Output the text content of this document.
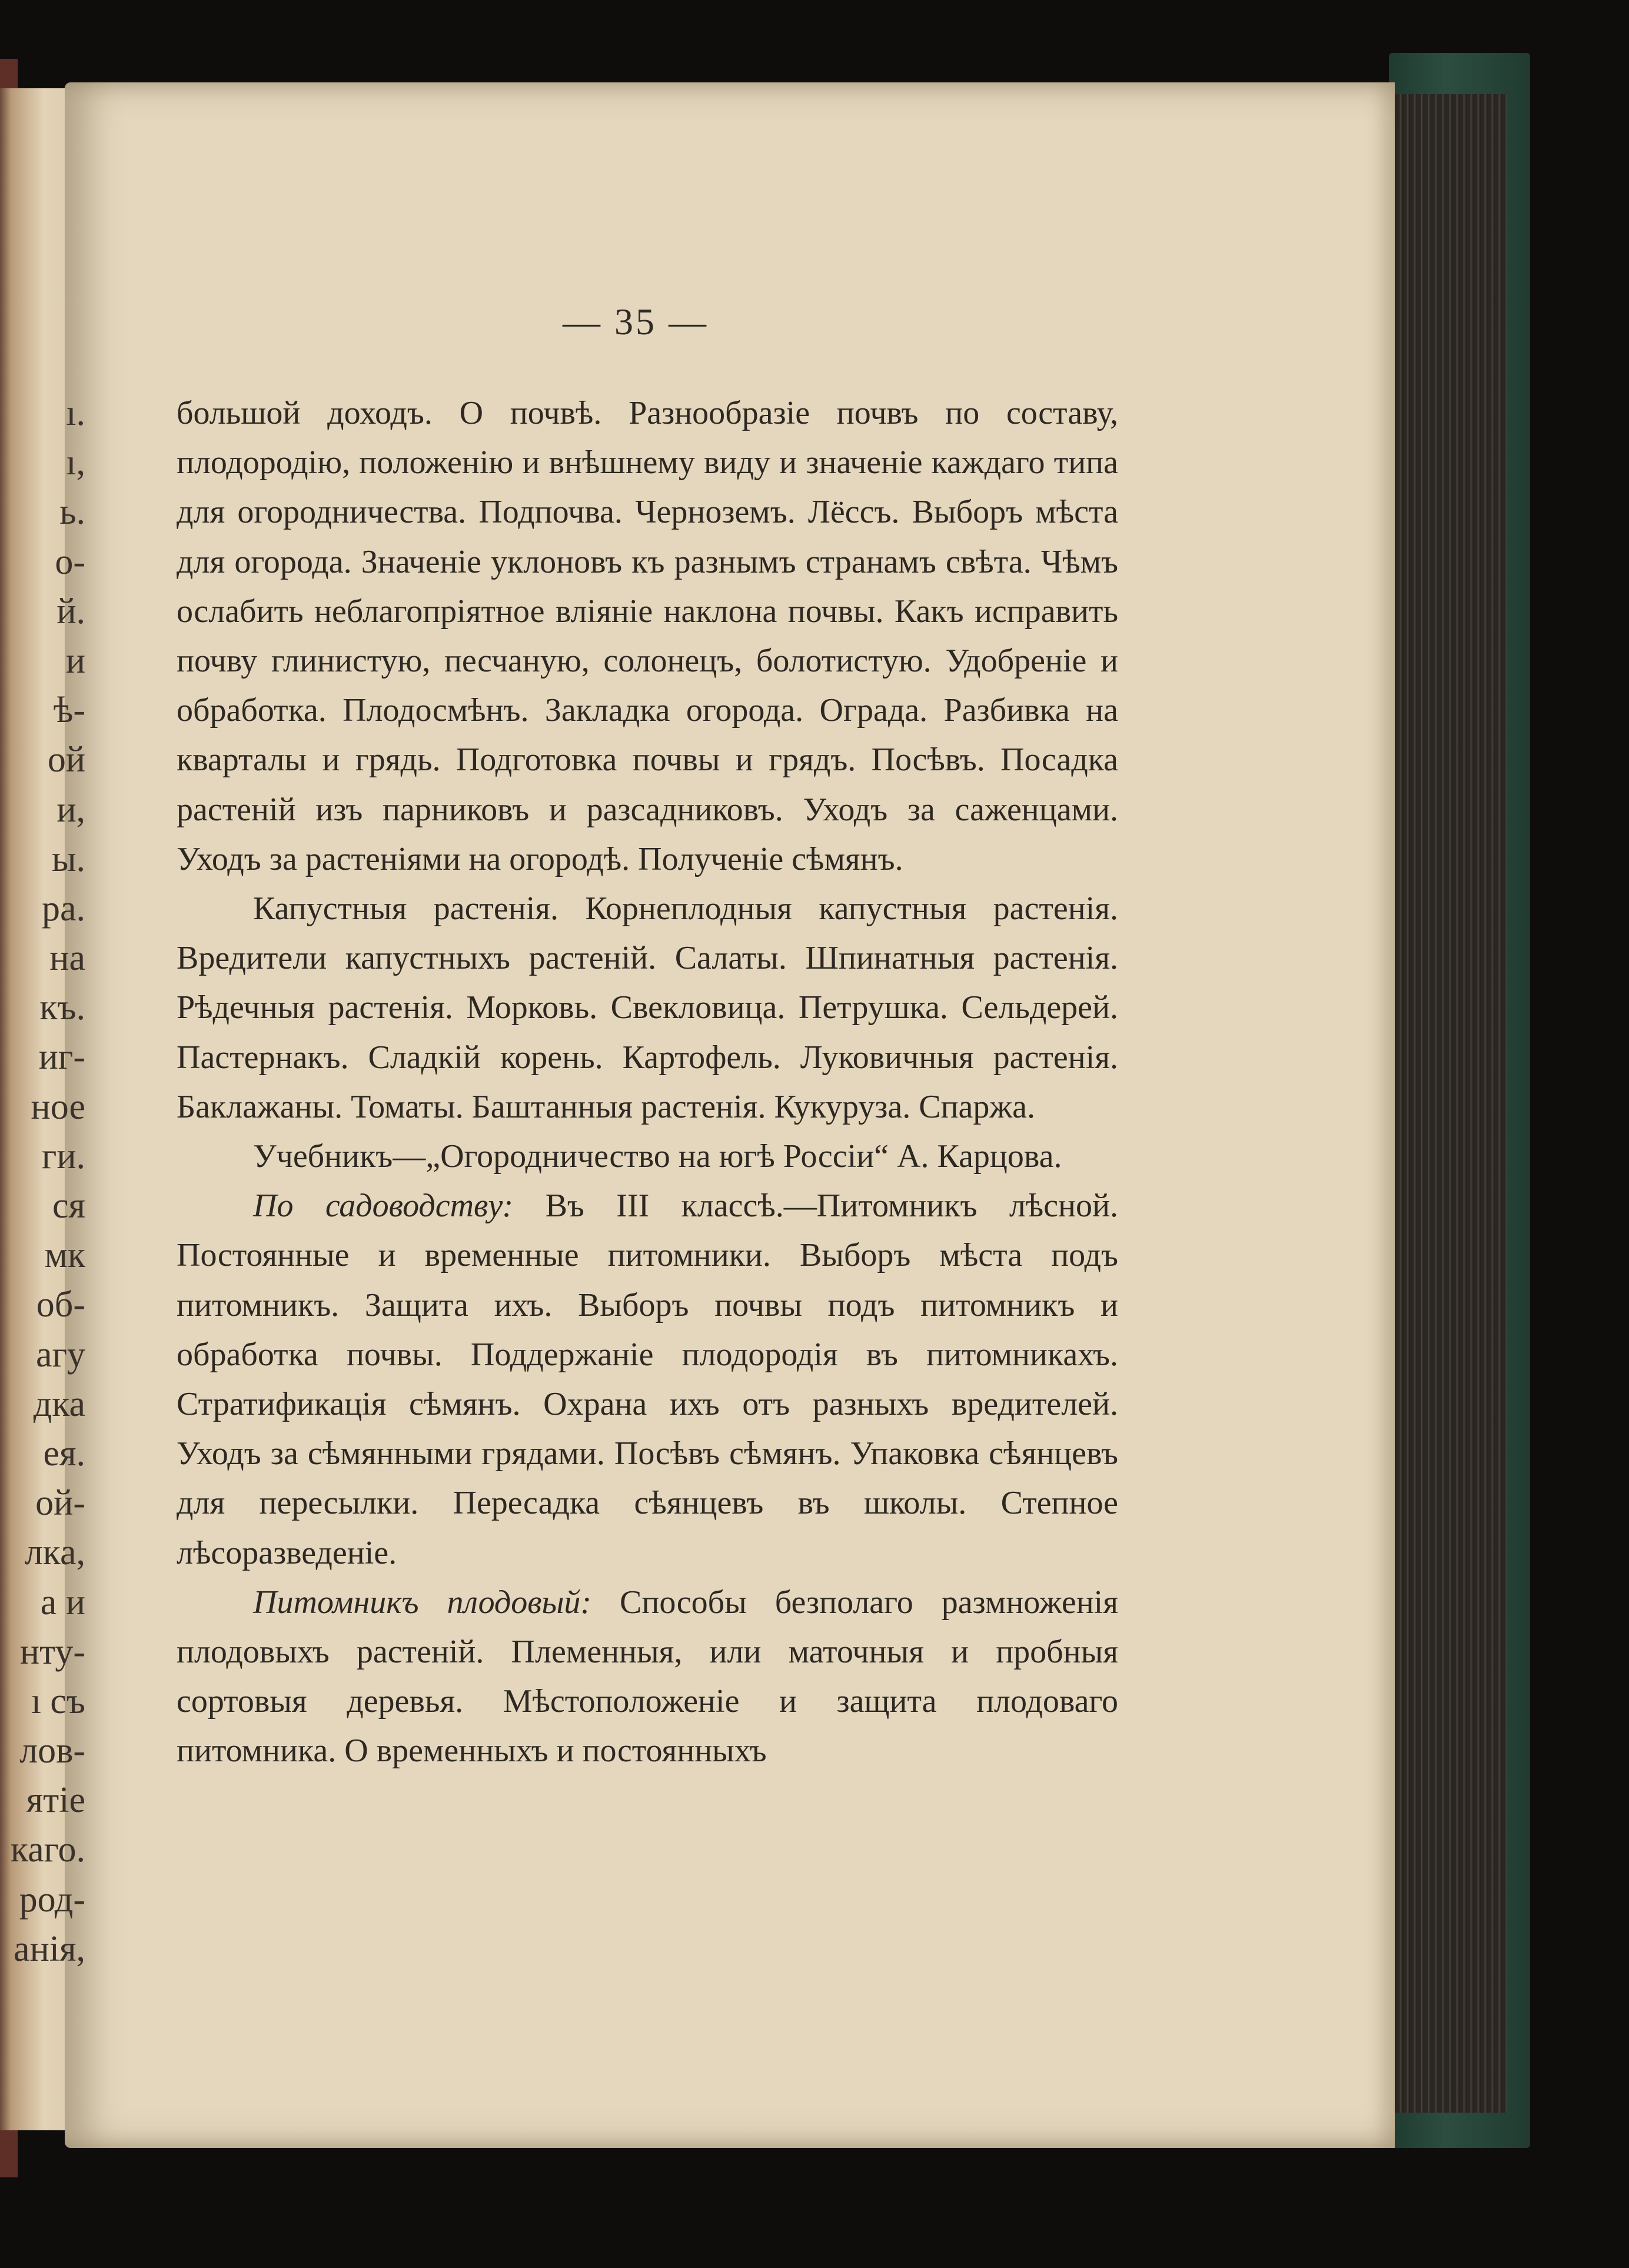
ı.
ı,
ь.
о-
й.
и
ѣ-
ой
и,
ы.
ра.
на
къ.
иг-
ное
ги.
ся
мк
об-
агу
дка
ея.
ой-
лка,
а и
нту-
ı съ
лов-
ятіе
каго.
род-
анія,
— 35 —

большой доходъ. О почвѣ. Разнообразіе почвъ по составу, плодородію, положенію и внѣшнему виду и значеніе каждаго типа для огородничества. Подпочва. Черноземъ. Лёссъ. Выборъ мѣста для огорода. Значеніе уклоновъ къ разнымъ странамъ свѣта. Чѣмъ ослабить неблагопріятное вліяніе наклона почвы. Какъ исправить почву глинистую, песчаную, солонецъ, болотистую. Удобреніе и обработка. Плодосмѣнъ. Закладка огорода. Ограда. Разбивка на кварталы и грядь. Подготовка почвы и грядъ. Посѣвъ. Посадка растеній изъ парниковъ и разсадниковъ. Уходъ за саженцами. Уходъ за растеніями на огородѣ. Полученіе сѣмянъ.

Капустныя растенія. Корнеплодныя капустныя растенія. Вредители капустныхъ растеній. Салаты. Шпинатныя растенія. Рѣдечныя растенія. Морковь. Свекловица. Петрушка. Сельдерей. Пастернакъ. Сладкій корень. Картофель. Луковичныя растенія. Баклажаны. Томаты. Баштанныя растенія. Кукуруза. Спаржа.

Учебникъ—„Огородничество на югѣ Россіи“ А. Карцова.

По садоводству: Въ III классѣ.—Питомникъ лѣсной. Постоянные и временные питомники. Выборъ мѣста подъ питомникъ. Защита ихъ. Выборъ почвы подъ питомникъ и обработка почвы. Поддержаніе плодородія въ питомникахъ. Стратификація сѣмянъ. Охрана ихъ отъ разныхъ вредителей. Уходъ за сѣмянными грядами. Посѣвъ сѣмянъ. Упаковка сѣянцевъ для пересылки. Пересадка сѣянцевъ въ школы. Степное лѣсоразведеніе.

Питомникъ плодовый: Способы безполаго размноженія плодовыхъ растеній. Племенныя, или маточныя и пробныя сортовыя деревья. Мѣстоположеніе и защита плодоваго питомника. О временныхъ и постоянныхъ
